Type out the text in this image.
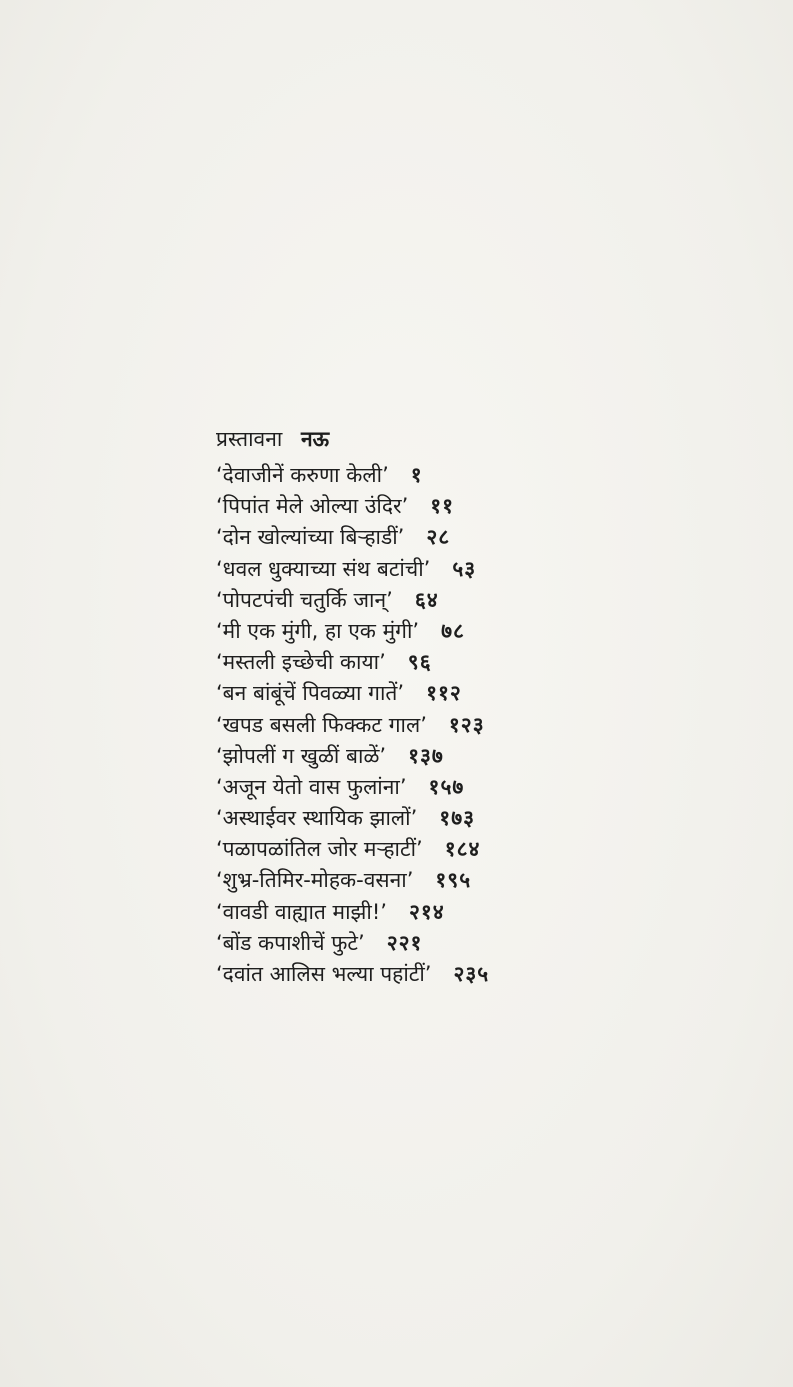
प्रस्तावना नऊ
‘देवाजीनें करुणा केली’ १
‘पिपांत मेले ओल्या उंदिर’ ११
‘दोन खोल्यांच्या बिऱ्हाडीं’ २८
‘धवल धुक्याच्या संथ बटांची’ ५३
‘पोपटपंची चतुर्कि जान्’ ६४
‘मी एक मुंगी, हा एक मुंगी’ ७८
‘मस्तली इच्छेची काया’ ९६
‘बन बांबूंचें पिवळ्या गातें’ ११२
‘खपड बसली फिक्कट गाल’ १२३
‘झोपलीं ग खुळीं बाळें’ १३७
‘अजून येतो वास फुलांना’ १५७
‘अस्थाईवर स्थायिक झालों’ १७३
‘पळापळांतिल जोर मऱ्हाटीं’ १८४
‘शुभ्र-तिमिर-मोहक-वसना’ १९५
‘वावडी वाह्यात माझी!’ २१४
‘बोंड कपाशीचें फुटे’ २२१
‘दवांत आलिस भल्या पहांटीं’ २३५
